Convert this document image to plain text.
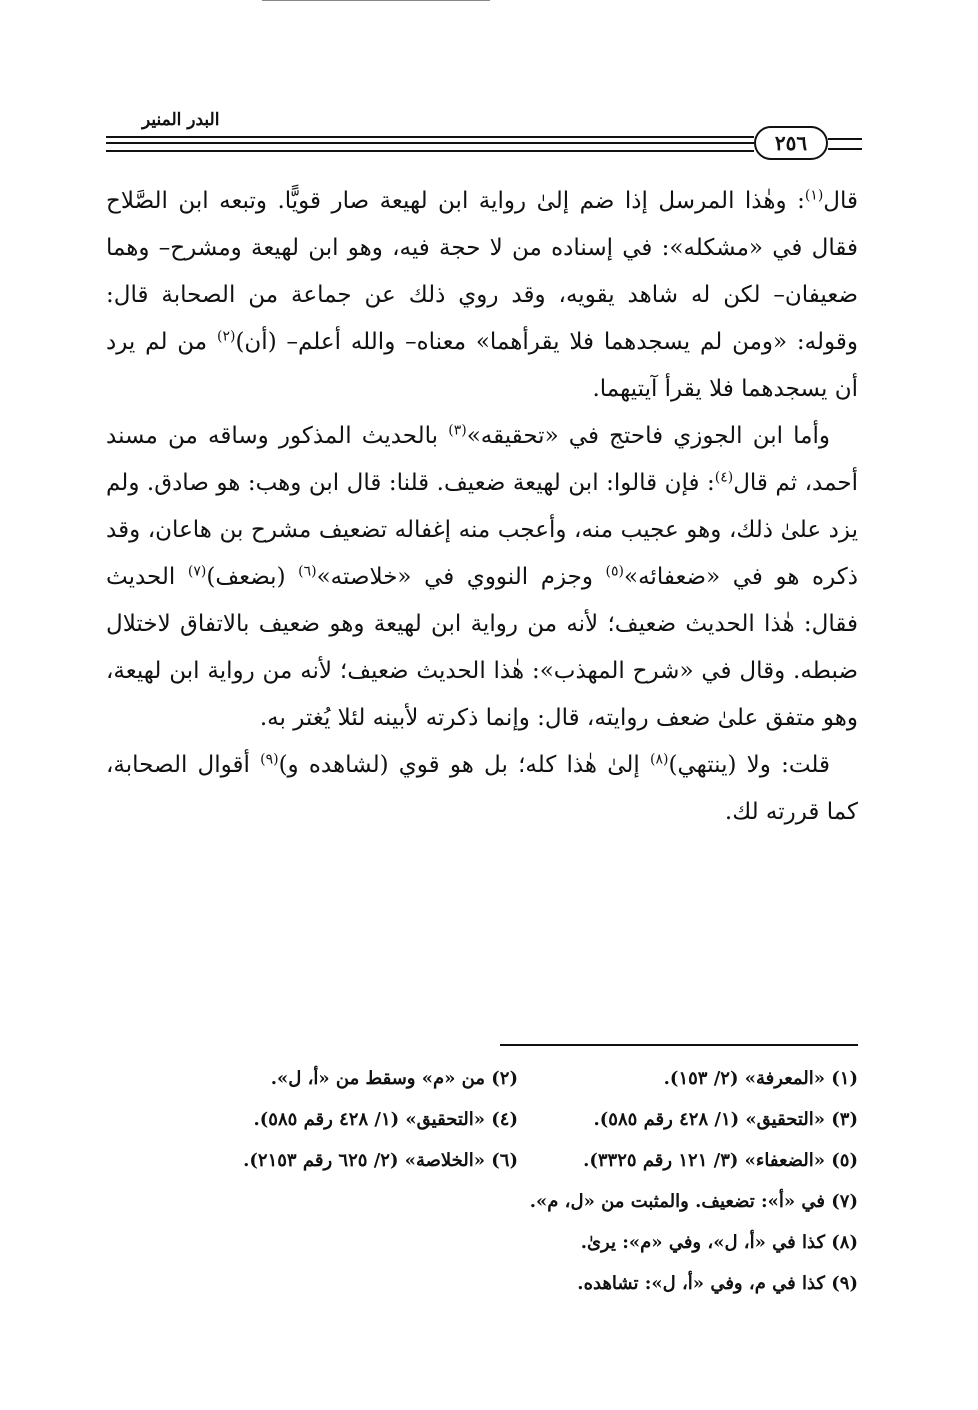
البدر المنير
٢٥٦

قال$^{(١)}$: وهٰذا المرسل إذا ضم إلىٰ رواية ابن لهيعة صار قويًّا. وتبعه ابن الصَّلاح فقال في «مشكله»: في إسناده من لا حجة فيه، وهو ابن لهيعة ومشرح– وهما ضعيفان– لكن له شاهد يقويه، وقد روي ذلك عن جماعة من الصحابة قال: وقوله: «ومن لم يسجدهما فلا يقرأهما» معناه– والله أعلم– (أن)$^{(٢)}$ من لم يرد أن يسجدهما فلا يقرأ آيتيهما.

وأما ابن الجوزي فاحتج في «تحقيقه»$^{(٣)}$ بالحديث المذكور وساقه من مسند أحمد، ثم قال$^{(٤)}$: فإن قالوا: ابن لهيعة ضعيف. قلنا: قال ابن وهب: هو صادق. ولم يزد علىٰ ذلك، وهو عجيب منه، وأعجب منه إغفاله تضعيف مشرح بن هاعان، وقد ذكره هو في «ضعفائه»$^{(٥)}$ وجزم النووي في «خلاصته»$^{(٦)}$ (بضعف)$^{(٧)}$ الحديث فقال: هٰذا الحديث ضعيف؛ لأنه من رواية ابن لهيعة وهو ضعيف بالاتفاق لاختلال ضبطه. وقال في «شرح المهذب»: هٰذا الحديث ضعيف؛ لأنه من رواية ابن لهيعة، وهو متفق علىٰ ضعف روايته، قال: وإنما ذكرته لأبينه لئلا يُغتر به.

قلت: ولا (ينتهي)$^{(٨)}$ إلىٰ هٰذا كله؛ بل هو قوي (لشاهده و)$^{(٩)}$ أقوال الصحابة، كما قررته لك.

(١) «المعرفة» (٢/ ١٥٣).
(٢) من «م» وسقط من «أ، ل».
(٣) «التحقيق» (١/ ٤٢٨ رقم ٥٨٥).
(٤) «التحقيق» (١/ ٤٢٨ رقم ٥٨٥).
(٥) «الضعفاء» (٣/ ١٢١ رقم ٣٣٢٥).
(٦) «الخلاصة» (٢/ ٦٢٥ رقم ٢١٥٣).
(٧) في «أ»: تضعيف. والمثبت من «ل، م».
(٨) كذا في «أ، ل»، وفي «م»: يرىٰ.
(٩) كذا في م، وفي «أ، ل»: تشاهده.
